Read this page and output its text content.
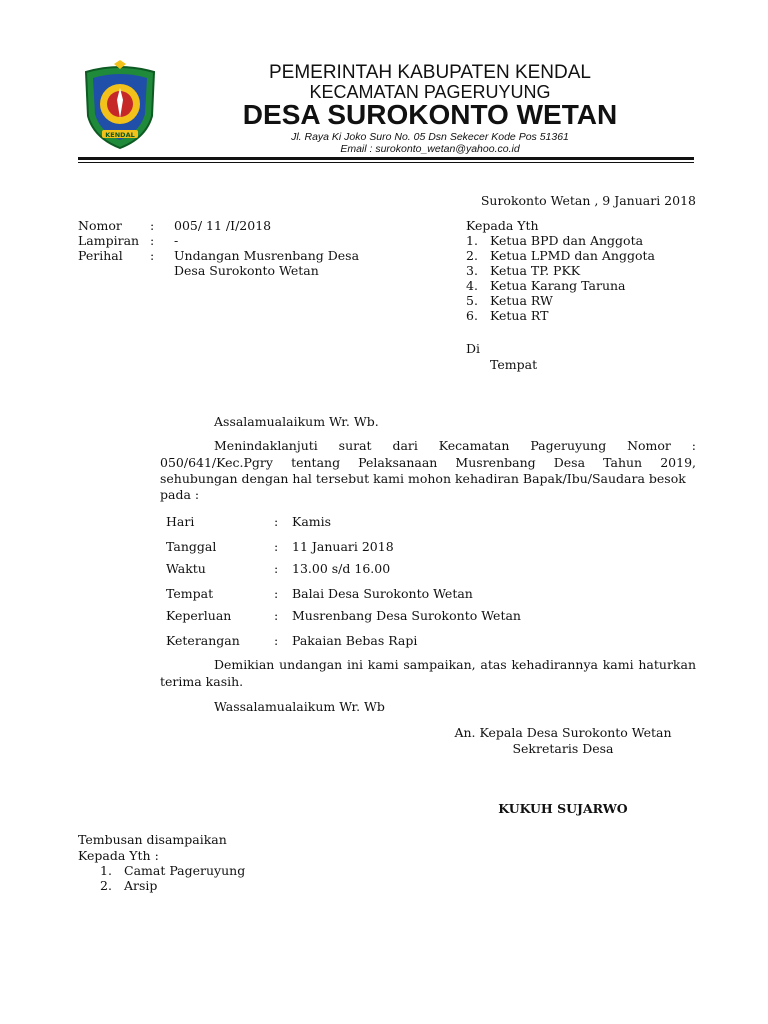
KENDAL
PEMERINTAH KABUPATEN KENDAL
KECAMATAN PAGERUYUNG
DESA SUROKONTO WETAN
Jl. Raya Ki Joko Suro No. 05 Dsn Sekecer Kode Pos 51361
Email : surokonto_wetan@yahoo.co.id
Surokonto Wetan , 9 Januari 2018
Nomor	:	005/ 11 /I/2018
Lampiran :	-
Perihal	:	Undangan Musrenbang Desa
Desa Surokonto Wetan
Kepada Yth
1. Ketua BPD dan Anggota
2. Ketua LPMD dan Anggota
3. Ketua TP. PKK
4. Ketua Karang Taruna
5. Ketua RW
6. Ketua RT
Di
Tempat
Assalamualaikum Wr. Wb.
Menindaklanjuti surat dari Kecamatan Pageruyung Nomor :
050/641/Kec.Pgry tentang Pelaksanaan Musrenbang Desa Tahun 2019,
sehubungan dengan hal tersebut kami mohon kehadiran Bapak/Ibu/Saudara besok
pada :
Hari	:	Kamis
Tanggal	:	11 Januari 2018
Waktu	:	13.00 s/d 16.00
Tempat	:	Balai Desa Surokonto Wetan
Keperluan	:	Musrenbang Desa Surokonto Wetan
Keterangan	:	Pakaian Bebas Rapi
Demikian undangan ini kami sampaikan, atas kehadirannya kami haturkan
terima kasih.
Wassalamualaikum Wr. Wb
An. Kepala Desa Surokonto Wetan
Sekretaris Desa
KUKUH SUJARWO
Tembusan disampaikan
Kepada Yth :
1. Camat Pageruyung
2. Arsip
